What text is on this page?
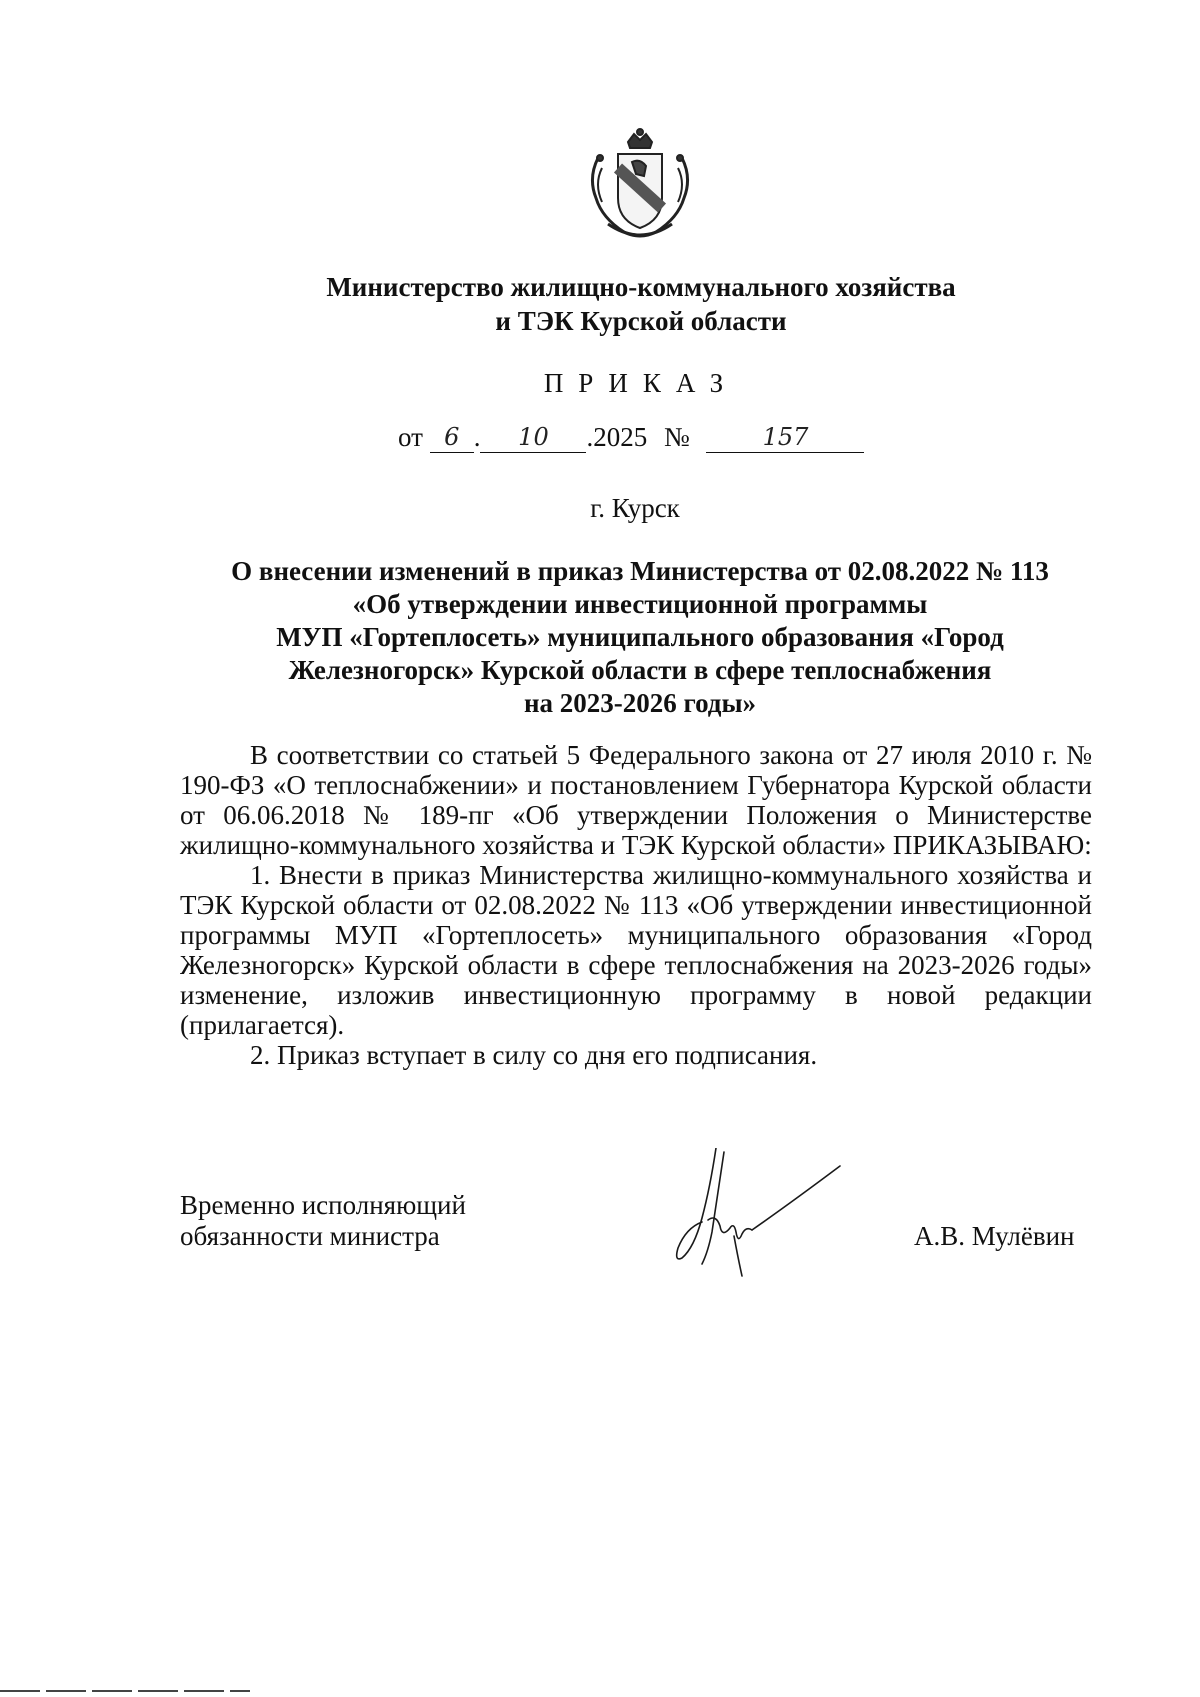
Министерство жилищно-коммунального хозяйства
и ТЭК Курской области
ПРИКАЗ
от 6 . 10 .2025 №	157
г. Курск
О внесении изменений в приказ Министерства от 02.08.2022 № 113
«Об утверждении инвестиционной программы
МУП «Гортеплосеть» муниципального образования «Город
Железногорск» Курской области в сфере теплоснабжения
на 2023-2026 годы»

В соответствии со статьей 5 Федерального закона от 27 июля 2010 г. № 190-ФЗ «О теплоснабжении» и постановлением Губернатора Курской области от 06.06.2018 № 189-пг «Об утверждении Положения о Министерстве жилищно-коммунального хозяйства и ТЭК Курской области» ПРИКАЗЫВАЮ:

1. Внести в приказ Министерства жилищно-коммунального хозяйства и ТЭК Курской области от 02.08.2022 № 113 «Об утверждении инвестиционной программы МУП «Гортеплосеть» муниципального образования «Город Железногорск» Курской области в сфере теплоснабжения на 2023-2026 годы» изменение, изложив инвестиционную программу в новой редакции (прилагается).

2. Приказ вступает в силу со дня его подписания.

Временно исполняющий
обязанности министра	А.В. Мулёвин
